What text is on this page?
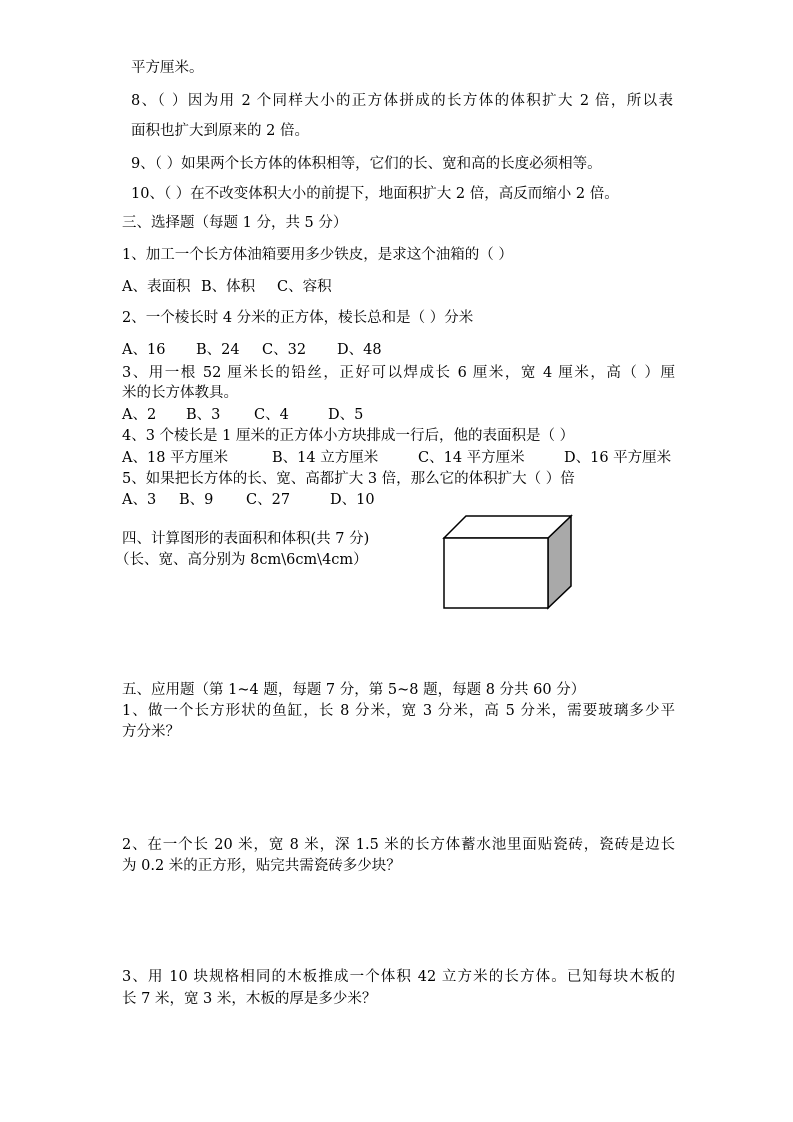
平方厘米。
8、（ ）因为用 2 个同样大小的正方体拼成的长方体的体积扩大 2 倍，所以表
面积也扩大到原来的 2 倍。
9、（ ）如果两个长方体的体积相等，它们的长、宽和高的长度必须相等。
10、（ ）在不改变体积大小的前提下，地面积扩大 2 倍，高反而缩小 2 倍。
三、选择题（每题 1 分，共 5 分）
1、加工一个长方体油箱要用多少铁皮，是求这个油箱的（ ）
A、表面积 B、体积 C、容积
2、一个棱长时 4 分米的正方体，棱长总和是（ ）分米
A、16 B、24 C、32 D、48
3、用一根 52 厘米长的铅丝，正好可以焊成长 6 厘米，宽 4 厘米，高（ ）厘
米的长方体教具。
A、2 B、3 C、4	D、5
4、3 个棱长是 1 厘米的正方体小方块排成一行后，他的表面积是（ ）
A、18 平方厘米	B、14 立方厘米	C、14 平方厘米	D、16 平方厘米
5、如果把长方体的长、宽、高都扩大 3 倍，那么它的体积扩大（ ）倍
A、3 B、9 C、27	D、10
四、计算图形的表面积和体积(共 7 分)
（长、宽、高分别为 8cm\6cm\4cm）
五、应用题（第 1~4 题，每题 7 分，第 5~8 题，每题 8 分共 60 分）
1、做一个长方形状的鱼缸，长 8 分米，宽 3 分米，高 5 分米，需要玻璃多少平
方分米？
2、在一个长 20 米，宽 8 米，深 1.5 米的长方体蓄水池里面贴瓷砖，瓷砖是边长
为 0.2 米的正方形，贴完共需瓷砖多少块？
3、用 10 块规格相同的木板推成一个体积 42 立方米的长方体。已知每块木板的
长 7 米，宽 3 米，木板的厚是多少米？
